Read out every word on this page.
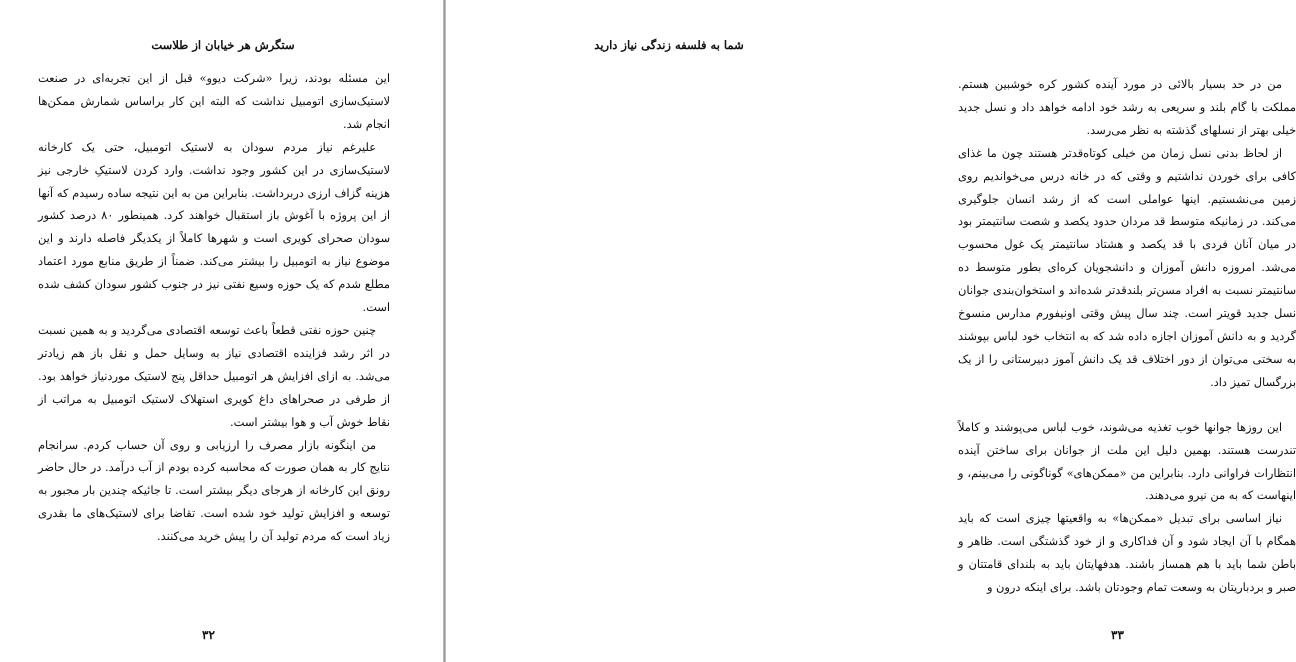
ستگرش هر خیابان از طلاست

این مسئله بودند، زیرا «شرکت دیوو» قبل از این تجربه‌ای در صنعت لاستیک‌سازی اتومبیل نداشت که البته این کار براساس شمارش ممکن‌ها انجام شد.

علیرغم نیاز مردم سودان به لاستیک اتومبیل، حتی یک کارخانه لاستیک‌سازی در این کشور وجود نداشت. وارد کردن لاستیکِ خارجی نیز هزینه گزاف ارزی دربرداشت. بنابراین من به این نتیجه ساده رسیدم که آنها از این پروژه با آغوش باز استقبال خواهند کرد. همینطور ۸۰ درصد کشور سودان صحرای کویری است و شهرها کاملاً از یکدیگر فاصله دارند و این موضوع نیاز به اتومبیل را بیشتر می‌کند. ضمناً از طریق منابع مورد اعتماد مطلع شدم که یک حوزه وسیع نفتی نیز در جنوب کشور سودان کشف شده است.

چنین حوزه نفتی قطعاً باعث توسعه اقتصادی می‌گردید و به همین نسبت در اثر رشد فزاینده اقتصادی نیاز به وسایل حمل و نقل باز هم زیادتر می‌شد. به ازای افزایش هر اتومبیل حداقل پنج لاستیک موردنیاز خواهد بود. از طرفی در صحراهای داغ کویری استهلاک لاستیک اتومبیل به مراتب از نقاط خوش آب و هوا بیشتر است.

من اینگونه بازار مصرف را ارزیابی و روی آن حساب کردم. سرانجام نتایج کار به همان صورت که محاسبه کرده بودم از آب درآمد. در حال حاضر رونق این کارخانه از هرجای دیگر بیشتر است. تا جائیکه چندین بار مجبور به توسعه و افزایش تولید خود شده است. تقاضا برای لاستیک‌های ما بقدری زیاد است که مردم تولید آن را پیش خرید می‌کنند.

۳۲
شما به فلسفه زندگی نیاز دارید

من در حد بسیار بالائی در مورد آینده کشور کره خوشبین هستم. مملکت با گام بلند و سریعی به رشد خود ادامه خواهد داد و نسل جدید خیلی بهتر از نسلهای گذشته به نظر می‌رسد.

از لحاظ بدنی نسل زمان من خیلی کوتاه‌قدتر هستند چون ما غذای کافی برای خوردن نداشتیم و وقتی که در خانه درس می‌خواندیم روی زمین می‌نشستیم. اینها عواملی است که از رشد انسان جلوگیری می‌کند. در زمانیکه متوسط قد مردان حدود یکصد و شصت سانتیمتر بود در میان آنان فردی با قد یکصد و هشتاد سانتیمتر یک غول محسوب می‌شد. امروزه دانش آموزان و دانشجویان کره‌ای بطور متوسط ده سانتیمتر نسبت به افراد مسن‌تر بلندقدتر شده‌اند و استخوان‌بندی جوانان نسل جدید قویتر است. چند سال پیش وقتی اونیفورم مدارس منسوخ گردید و به دانش آموزان اجازه داده شد که به انتخاب خود لباس بپوشند به سختی می‌توان از دور اختلاف قد یک دانش آموز دبیرستانی را از یک بزرگسال تمیز داد.

این روزها جوانها خوب تغذیه می‌شوند، خوب لباس می‌پوشند و کاملاً تندرست هستند. بهمین دلیل این ملت از جوانان برای ساختن آینده انتظارات فراوانی دارد. بنابراین من «ممکن‌های» گوناگونی را می‌بینم، و اینهاست که به من نیرو می‌دهند.

نیاز اساسی برای تبدیل «ممکن‌ها» به واقعیتها چیزی است که باید همگام با آن ایجاد شود و آن فداکاری و از خود گذشتگی است. ظاهر و باطن شما باید با هم همساز باشند. هدفهایتان باید به بلندای قامتتان و صبر و بردباریتان به وسعت تمام وجودتان باشد. برای اینکه درون و

۳۳
